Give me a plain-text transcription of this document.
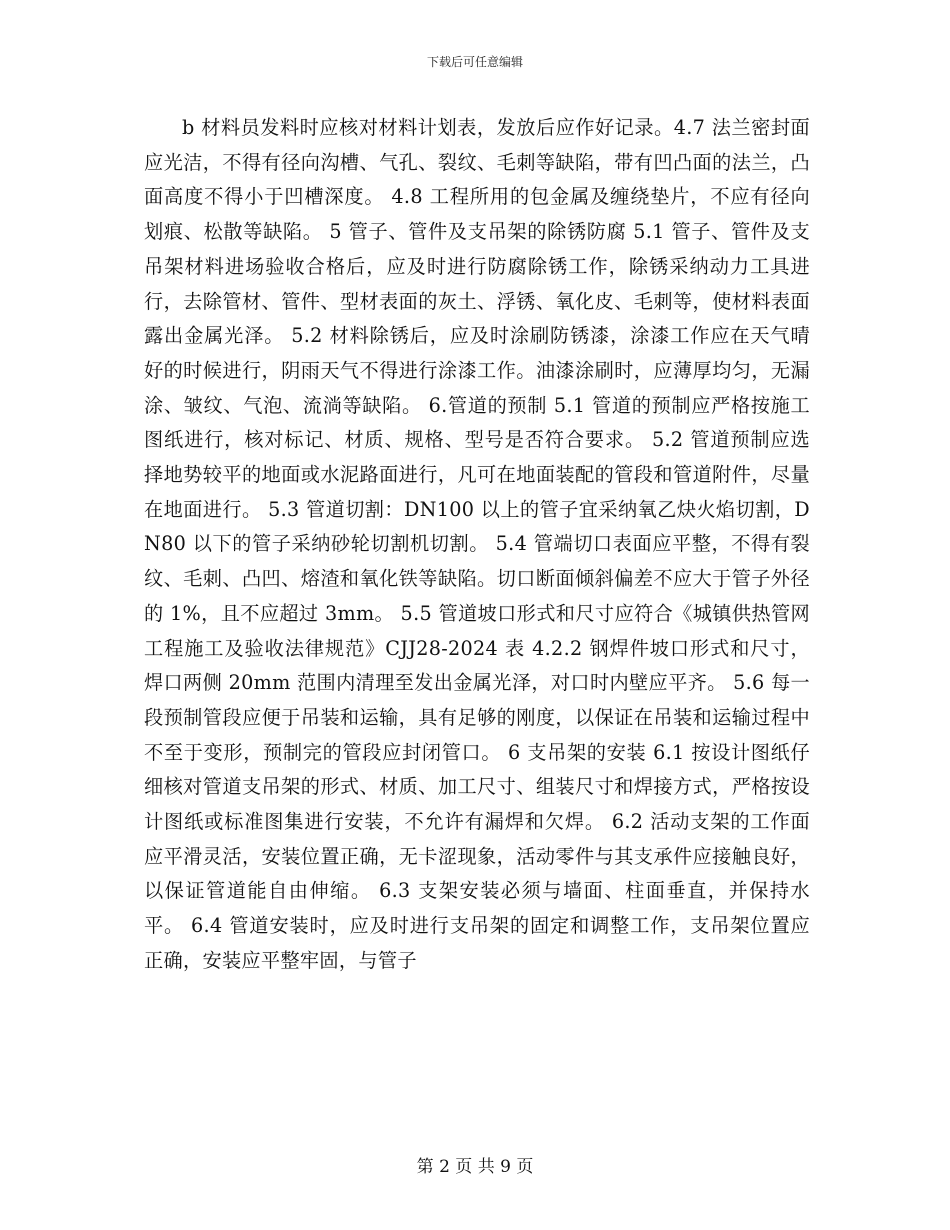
下载后可任意编辑

b 材料员发料时应核对材料计划表，发放后应作好记录。4.7 法兰密封面应光洁，不得有径向沟槽、气孔、裂纹、毛刺等缺陷，带有凹凸面的法兰，凸面高度不得小于凹槽深度。 4.8 工程所用的包金属及缠绕垫片，不应有径向划痕、松散等缺陷。 5 管子、管件及支吊架的除锈防腐 5.1 管子、管件及支吊架材料进场验收合格后，应及时进行防腐除锈工作，除锈采纳动力工具进行，去除管材、管件、型材表面的灰土、浮锈、氧化皮、毛刺等，使材料表面露出金属光泽。 5.2 材料除锈后，应及时涂刷防锈漆，涂漆工作应在天气晴好的时候进行，阴雨天气不得进行涂漆工作。油漆涂刷时，应薄厚均匀，无漏涂、皱纹、气泡、流淌等缺陷。 6.管道的预制 5.1 管道的预制应严格按施工图纸进行，核对标记、材质、规格、型号是否符合要求。 5.2 管道预制应选择地势较平的地面或水泥路面进行，凡可在地面装配的管段和管道附件，尽量在地面进行。 5.3 管道切割：DN100 以上的管子宜采纳氧乙炔火焰切割，DN80 以下的管子采纳砂轮切割机切割。 5.4 管端切口表面应平整，不得有裂纹、毛刺、凸凹、熔渣和氧化铁等缺陷。切口断面倾斜偏差不应大于管子外径的 1%，且不应超过 3mm。 5.5 管道坡口形式和尺寸应符合《城镇供热管网工程施工及验收法律规范》CJJ28-2024 表 4.2.2 钢焊件坡口形式和尺寸，焊口两侧 20mm 范围内清理至发出金属光泽，对口时内壁应平齐。 5.6 每一段预制管段应便于吊装和运输，具有足够的刚度，以保证在吊装和运输过程中不至于变形，预制完的管段应封闭管口。 6 支吊架的安装 6.1 按设计图纸仔细核对管道支吊架的形式、材质、加工尺寸、组装尺寸和焊接方式，严格按设计图纸或标准图集进行安装，不允许有漏焊和欠焊。 6.2 活动支架的工作面应平滑灵活，安装位置正确，无卡涩现象，活动零件与其支承件应接触良好，以保证管道能自由伸缩。 6.3 支架安装必须与墙面、柱面垂直，并保持水平。 6.4 管道安装时，应及时进行支吊架的固定和调整工作，支吊架位置应正确，安装应平整牢固，与管子

第 2 页 共 9 页
